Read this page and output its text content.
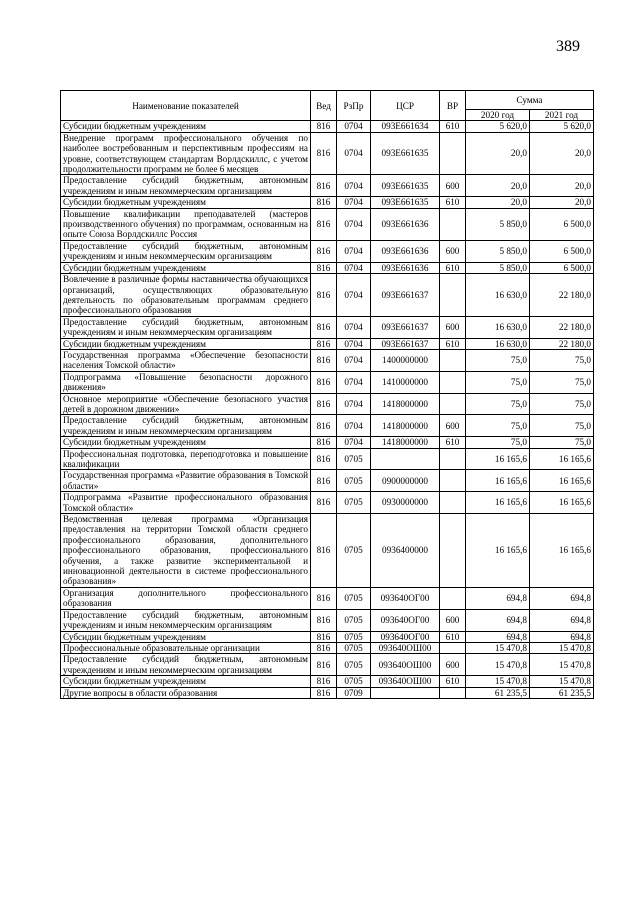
389
Наименование показателей	Вед	РзПр	ЦСР	ВР	Сумма	
					2020 год	2021 год
Субсидии бюджетным учреждениям	816	0704	093E661634	610	5 620,0	5 620,0
Внедрение программ профессионального обучения по наиболее востребованным и перспективным профессиям на уровне, соответствующем стандартам Ворлдскиллс, с учетом продолжительности программ не более 6 месяцев	816	0704	093E661635		20,0	20,0
Предоставление субсидий бюджетным, автономным учреждениям и иным некоммерческим организациям	816	0704	093E661635	600	20,0	20,0
Субсидии бюджетным учреждениям	816	0704	093E661635	610	20,0	20,0
Повышение квалификации преподавателей (мастеров производственного обучения) по программам, основанным на опыте Союза Ворлдскиллс Россия	816	0704	093E661636		5 850,0	6 500,0
Предоставление субсидий бюджетным, автономным учреждениям и иным некоммерческим организациям	816	0704	093E661636	600	5 850,0	6 500,0
Субсидии бюджетным учреждениям	816	0704	093E661636	610	5 850,0	6 500,0
Вовлечение в различные формы наставничества обучающихся организаций, осуществляющих образовательную деятельность по образовательным программам среднего профессионального образования	816	0704	093E661637		16 630,0	22 180,0
Предоставление субсидий бюджетным, автономным учреждениям и иным некоммерческим организациям	816	0704	093E661637	600	16 630,0	22 180,0
Субсидии бюджетным учреждениям	816	0704	093E661637	610	16 630,0	22 180,0
Государственная программа «Обеспечение безопасности населения Томской области»	816	0704	1400000000		75,0	75,0
Подпрограмма «Повышение безопасности дорожного движения»	816	0704	1410000000		75,0	75,0
Основное мероприятие «Обеспечение безопасного участия детей в дорожном движении»	816	0704	1418000000		75,0	75,0
Предоставление субсидий бюджетным, автономным учреждениям и иным некоммерческим организациям	816	0704	1418000000	600	75,0	75,0
Субсидии бюджетным учреждениям	816	0704	1418000000	610	75,0	75,0
Профессиональная подготовка, переподготовка и повышение квалификации	816	0705			16 165,6	16 165,6
Государственная программа «Развитие образования в Томской области»	816	0705	0900000000		16 165,6	16 165,6
Подпрограмма «Развитие профессионального образования Томской области»	816	0705	0930000000		16 165,6	16 165,6
Ведомственная целевая программа «Организация предоставления на территории Томской области среднего профессионального образования, дополнительного профессионального образования, профессионального обучения, а также развитие экспериментальной и инновационной деятельности в системе профессионального образования»	816	0705	0936400000		16 165,6	16 165,6
Организация дополнительного профессионального образования	816	0705	093640ОГ00		694,8	694,8
Предоставление субсидий бюджетным, автономным учреждениям и иным некоммерческим организациям	816	0705	093640ОГ00	600	694,8	694,8
Субсидии бюджетным учреждениям	816	0705	093640ОГ00	610	694,8	694,8
Профессиональные образовательные организации	816	0705	093640ОШ00		15 470,8	15 470,8
Предоставление субсидий бюджетным, автономным учреждениям и иным некоммерческим организациям	816	0705	093640ОШ00	600	15 470,8	15 470,8
Субсидии бюджетным учреждениям	816	0705	093640ОШ00	610	15 470,8	15 470,8
Другие вопросы в области образования	816	0709			61 235,5	61 235,5
